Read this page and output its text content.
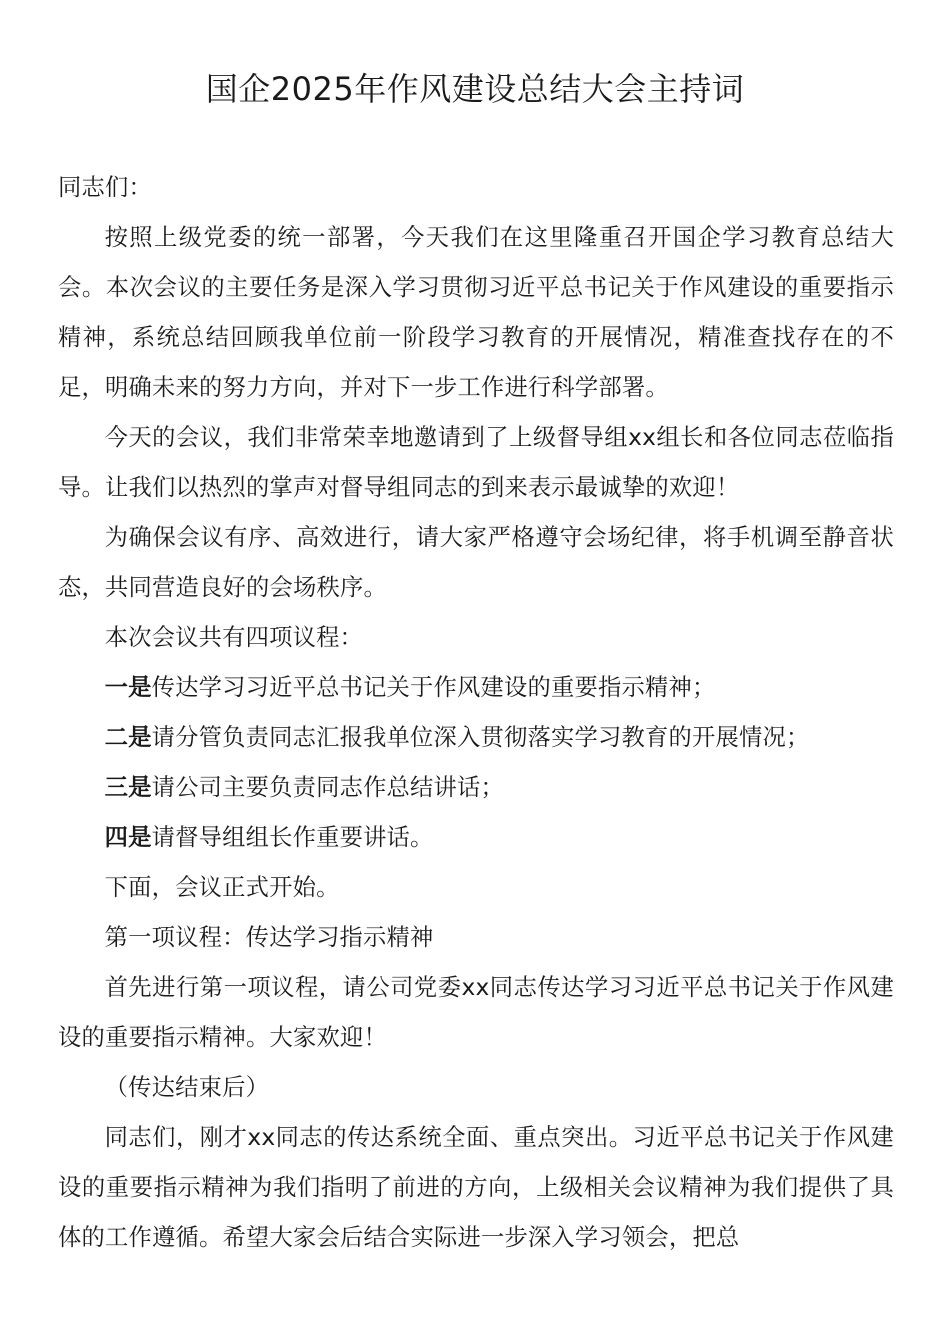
国企2025年作风建设总结大会主持词

同志们：

按照上级党委的统一部署，今天我们在这里隆重召开国企学习教育总结大会。本次会议的主要任务是深入学习贯彻习近平总书记关于作风建设的重要指示精神，系统总结回顾我单位前一阶段学习教育的开展情况，精准查找存在的不足，明确未来的努力方向，并对下一步工作进行科学部署。

今天的会议，我们非常荣幸地邀请到了上级督导组xx组长和各位同志莅临指导。让我们以热烈的掌声对督导组同志的到来表示最诚挚的欢迎！

为确保会议有序、高效进行，请大家严格遵守会场纪律，将手机调至静音状态，共同营造良好的会场秩序。

本次会议共有四项议程：

一是传达学习习近平总书记关于作风建设的重要指示精神；

二是请分管负责同志汇报我单位深入贯彻落实学习教育的开展情况；

三是请公司主要负责同志作总结讲话；

四是请督导组组长作重要讲话。

下面，会议正式开始。

第一项议程：传达学习指示精神

首先进行第一项议程，请公司党委xx同志传达学习习近平总书记关于作风建设的重要指示精神。大家欢迎！

（传达结束后）

同志们，刚才xx同志的传达系统全面、重点突出。习近平总书记关于作风建设的重要指示精神为我们指明了前进的方向，上级相关会议精神为我们提供了具体的工作遵循。希望大家会后结合实际进一步深入学习领会，把总
